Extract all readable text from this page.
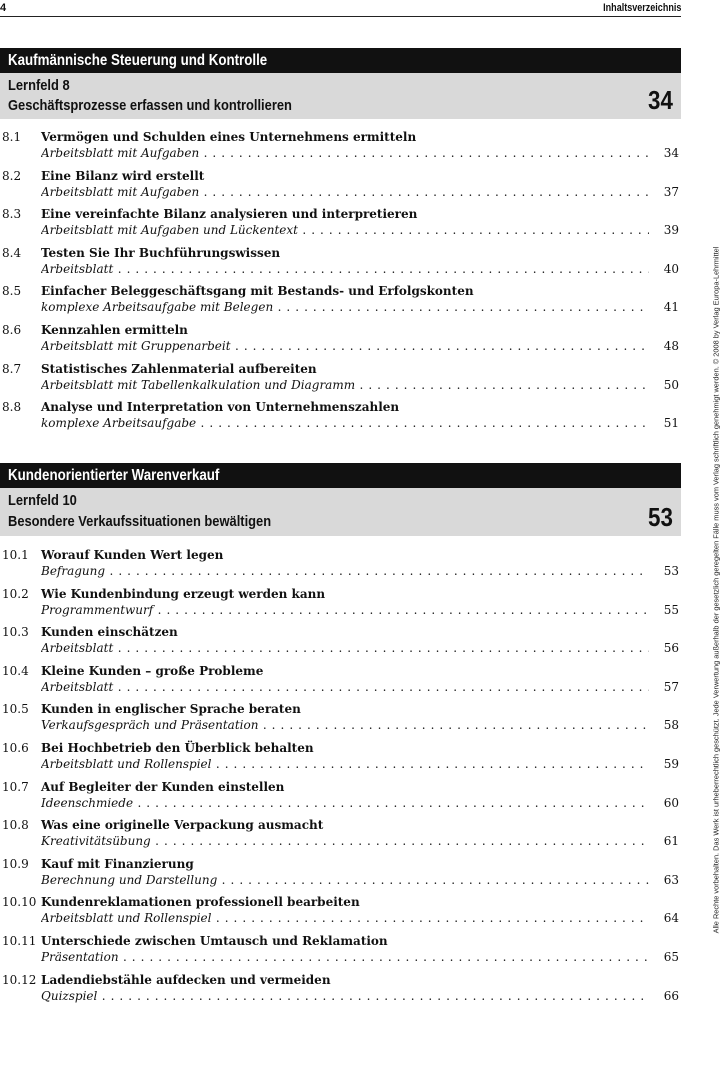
4	Inhaltsverzeichnis
Kaufmännische Steuerung und Kontrolle
Lernfeld 8
Geschäftsprozesse erfassen und kontrollieren	34
8.1 Vermögen und Schulden eines Unternehmens ermitteln
Arbeitsblatt mit Aufgaben . . .	34
8.2 Eine Bilanz wird erstellt
Arbeitsblatt mit Aufgaben . . .	37
8.3 Eine vereinfachte Bilanz analysieren und interpretieren
Arbeitsblatt mit Aufgaben und Lückentext . . .	39
8.4 Testen Sie Ihr Buchführungswissen
Arbeitsblatt . . .	40
8.5 Einfacher Beleggeschäftsgang mit Bestands- und Erfolgskonten
komplexe Arbeitsaufgabe mit Belegen . . .	41
8.6 Kennzahlen ermitteln
Arbeitsblatt mit Gruppenarbeit . . .	48
8.7 Statistisches Zahlenmaterial aufbereiten
Arbeitsblatt mit Tabellenkalkulation und Diagramm . . .	50
8.8 Analyse und Interpretation von Unternehmenszahlen
komplexe Arbeitsaufgabe . . .	51
Kundenorientierter Warenverkauf
Lernfeld 10
Besondere Verkaufssituationen bewältigen	53
10.1 Worauf Kunden Wert legen
Befragung . . .	53
10.2 Wie Kundenbindung erzeugt werden kann
Programmentwurf . . .	55
10.3 Kunden einschätzen
Arbeitsblatt . . .	56
10.4 Kleine Kunden – große Probleme
Arbeitsblatt . . .	57
10.5 Kunden in englischer Sprache beraten
Verkaufsgespräch und Präsentation . . .	58
10.6 Bei Hochbetrieb den Überblick behalten
Arbeitsblatt und Rollenspiel . . .	59
10.7 Auf Begleiter der Kunden einstellen
Ideenschmiede . . .	60
10.8 Was eine originelle Verpackung ausmacht
Kreativitätsübung . . .	61
10.9 Kauf mit Finanzierung
Berechnung und Darstellung . . .	63
10.10 Kundenreklamationen professionell bearbeiten
Arbeitsblatt und Rollenspiel . . .	64
10.11 Unterschiede zwischen Umtausch und Reklamation
Präsentation . . .	65
10.12 Ladendiebstähle aufdecken und vermeiden
Quizspiel . . .	66
Alle Rechte vorbehalten. Das Werk ist urheberrechtlich geschützt. Jede Verwertung außerhalb der gesetzlich geregelten Fälle muss vom Verlag schriftlich genehmigt werden. © 2008 by Verlag Europa-Lehrmittel
